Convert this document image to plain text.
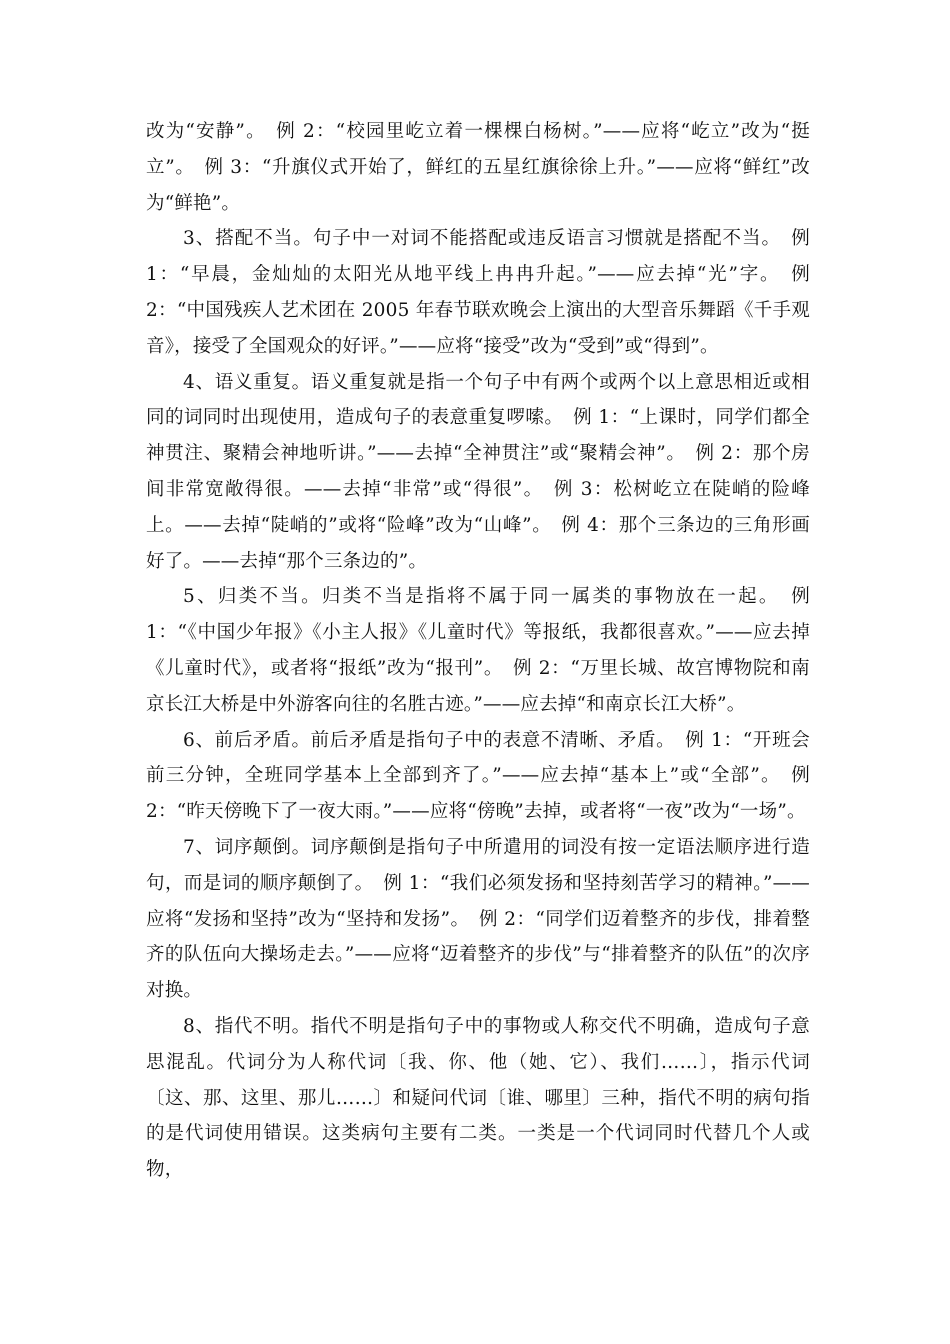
改为“安静”。　例 2：“校园里屹立着一棵棵白杨树。”——应将“屹立”改为“挺立”。　例 3：“升旗仪式开始了，鲜红的五星红旗徐徐上升。”——应将“鲜红”改为“鲜艳”。

3、搭配不当。句子中一对词不能搭配或违反语言习惯就是搭配不当。　例 1：“早晨，金灿灿的太阳光从地平线上冉冉升起。”——应去掉“光”字。　例 2：“中国残疾人艺术团在 2005 年春节联欢晚会上演出的大型音乐舞蹈《千手观音》，接受了全国观众的好评。”——应将“接受”改为“受到”或“得到”。

4、语义重复。语义重复就是指一个句子中有两个或两个以上意思相近或相同的词同时出现使用，造成句子的表意重复啰嗦。　例 1：“上课时，同学们都全神贯注、聚精会神地听讲。”——去掉“全神贯注”或“聚精会神”。　例 2：那个房间非常宽敞得很。——去掉“非常”或“得很”。　例 3：松树屹立在陡峭的险峰上。——去掉“陡峭的”或将“险峰”改为“山峰”。　例 4：那个三条边的三角形画好了。——去掉“那个三条边的”。

5、归类不当。归类不当是指将不属于同一属类的事物放在一起。　例 1：“《中国少年报》《小主人报》《儿童时代》等报纸，我都很喜欢。”——应去掉《儿童时代》，或者将“报纸”改为“报刊”。　例 2：“万里长城、故宫博物院和南京长江大桥是中外游客向往的名胜古迹。”——应去掉“和南京长江大桥”。

6、前后矛盾。前后矛盾是指句子中的表意不清晰、矛盾。　例 1：“开班会前三分钟，全班同学基本上全部到齐了。”——应去掉“基本上”或“全部”。　例 2：“昨天傍晚下了一夜大雨。”——应将“傍晚”去掉，或者将“一夜”改为“一场”。

7、词序颠倒。词序颠倒是指句子中所遣用的词没有按一定语法顺序进行造句，而是词的顺序颠倒了。　例 1：“我们必须发扬和坚持刻苦学习的精神。”——应将“发扬和坚持”改为“坚持和发扬”。　例 2：“同学们迈着整齐的步伐，排着整齐的队伍向大操场走去。”——应将“迈着整齐的步伐”与“排着整齐的队伍”的次序对换。

8、指代不明。指代不明是指句子中的事物或人称交代不明确，造成句子意思混乱。代词分为人称代词〔我、你、他（她、它）、我们……〕，指示代词〔这、那、这里、那儿……〕和疑问代词〔谁、哪里〕三种，指代不明的病句指的是代词使用错误。这类病句主要有二类。一类是一个代词同时代替几个人或物，
